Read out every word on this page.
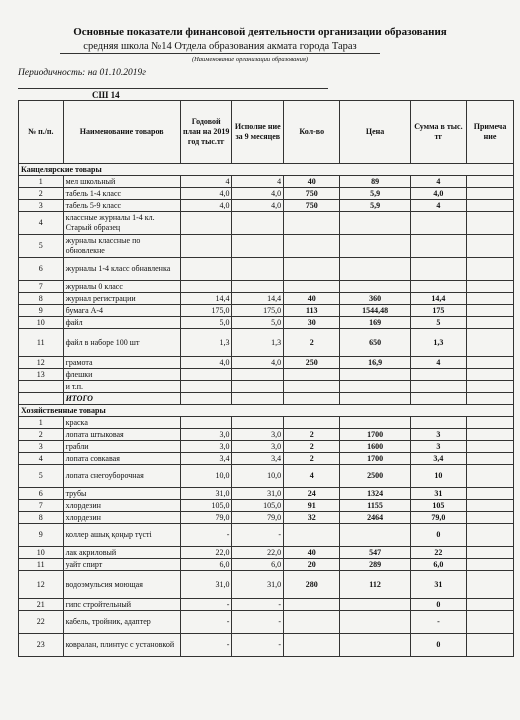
Основные показатели финансовой деятельности организации образования
средняя школа №14 Отдела образования акмата города Тараз
(Наименование организации образования)
Периодичность: на 01.10.2019г
СШ 14
№ п./п.	Наименование товаров	Годовой план на 2019 год тыс.тг	Исполне ние за 9 месяцев	Кол-во	Цена	Сумма в тыс. тг	Примеча ние
Канцелярские товары							
1	мел школьный	4	4	40	89	4	
2	табель 1-4 класс	4,0	4,0	750	5,9	4,0	
3	табель 5-9 класс	4,0	4,0	750	5,9	4	
4	классные журналы 1-4 кл. Старый образец						
5	журналы классные по обновлекне						
6	журналы 1-4 класс обнавленка						
7	журналы 0 класс						
8	журнал регистрации	14,4	14,4	40	360	14,4	
9	бумага А-4	175,0	175,0	113	1544,48	175	
10	файл	5,0	5,0	30	169	5	
11	файл в наборе 100 шт	1,3	1,3	2	650	1,3	
12	грамота	4,0	4,0	250	16,9	4	
13	флешки						
	и т.п.						
	ИТОГО						
Хозяйственные товары							
1	краска						
2	лопата штыковая	3,0	3,0	2	1700	3	
3	грабли	3,0	3,0	2	1600	3	
4	лопата совкавая	3,4	3,4	2	1700	3,4	
5	лопата снегоуборочная	10,0	10,0	4	2500	10	
6	трубы	31,0	31,0	24	1324	31	
7	хлордезин	105,0	105,0	91	1155	105	
8	хлордезин	79,0	79,0	32	2464	79,0	
9	коллер ашық қоңыр түсті	-	-			0	
10	лак акриловый	22,0	22,0	40	547	22	
11	уайт спирт	6,0	6,0	20	289	6,0	
12	водоэмульсия моющая	31,0	31,0	280	112	31	
21	гипс стройтельный	-	-			0	
22	кабель, тройник, адаптер	-	-			-	
23	ковралан, плинтус с установкой	-	-			0	
